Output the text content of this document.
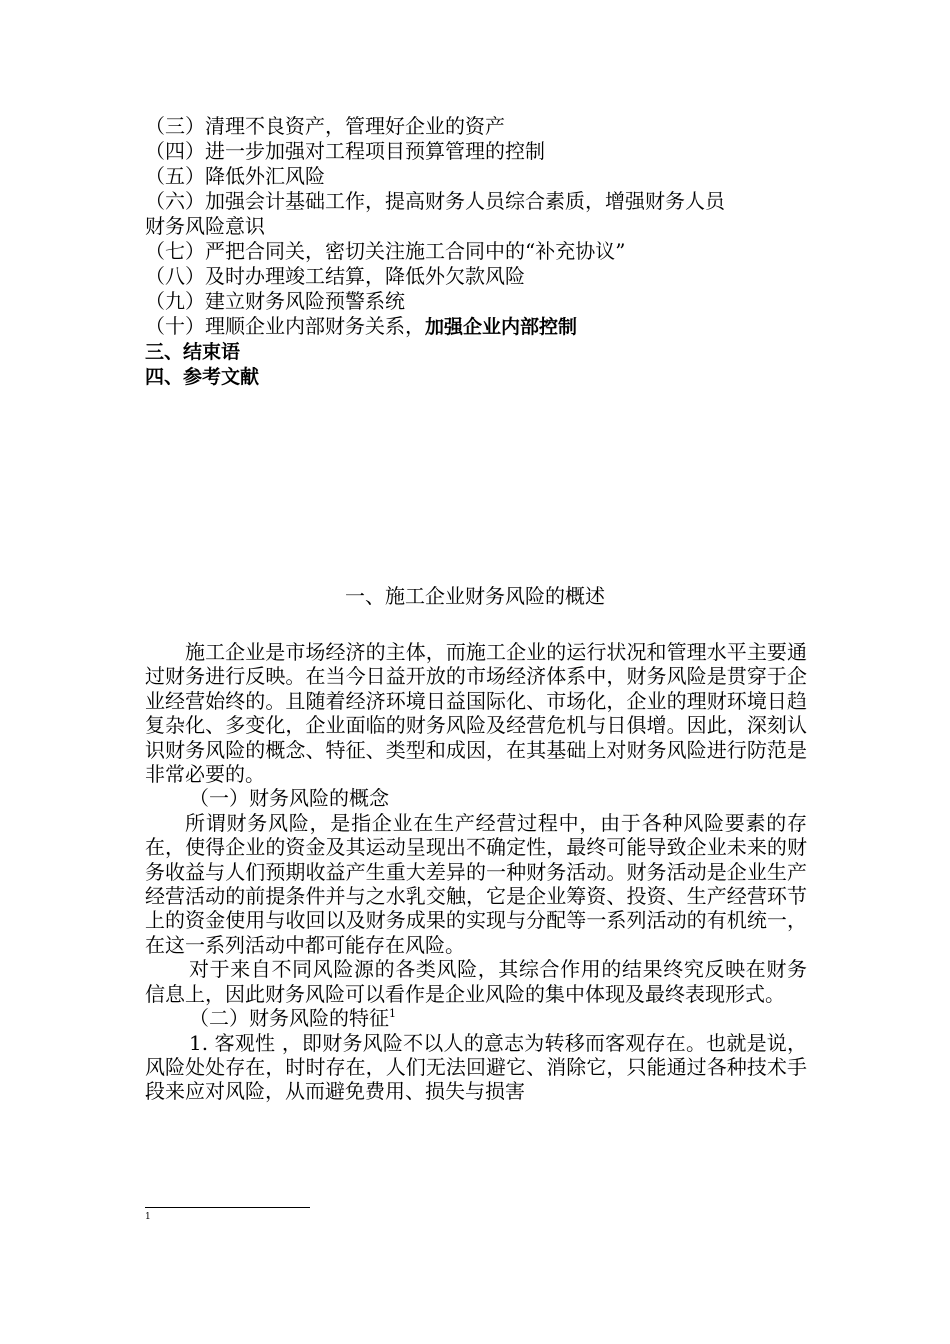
（三）清理不良资产，管理好企业的资产
（四）进一步加强对工程项目预算管理的控制
（五）降低外汇风险
（六）加强会计基础工作，提高财务人员综合素质，增强财务人员
财务风险意识
（七）严把合同关，密切关注施工合同中的“补充协议”
（八）及时办理竣工结算，降低外欠款风险
（九）建立财务风险预警系统
（十）理顺企业内部财务关系，加强企业内部控制
三、结束语
四、参考文献
一、施工企业财务风险的概述

施工企业是市场经济的主体，而施工企业的运行状况和管理水平主要通过财务进行反映。在当今日益开放的市场经济体系中，财务风险是贯穿于企业经营始终的。且随着经济环境日益国际化、市场化，企业的理财环境日趋复杂化、多变化，企业面临的财务风险及经营危机与日俱增。因此，深刻认识财务风险的概念、特征、类型和成因，在其基础上对财务风险进行防范是非常必要的。

（一）财务风险的概念

所谓财务风险，是指企业在生产经营过程中，由于各种风险要素的存在，使得企业的资金及其运动呈现出不确定性，最终可能导致企业未来的财务收益与人们预期收益产生重大差异的一种财务活动。财务活动是企业生产经营活动的前提条件并与之水乳交触，它是企业筹资、投资、生产经营环节上的资金使用与收回以及财务成果的实现与分配等一系列活动的有机统一，在这一系列活动中都可能存在风险。

对于来自不同风险源的各类风险，其综合作用的结果终究反映在财务信息上，因此财务风险可以看作是企业风险的集中体现及最终表现形式。

（二）财务风险的特征$^1$

1. 客观性 ，即财务风险不以人的意志为转移而客观存在。也就是说，风险处处存在，时时存在，人们无法回避它、消除它，只能通过各种技术手段来应对风险，从而避免费用、损失与损害

1
